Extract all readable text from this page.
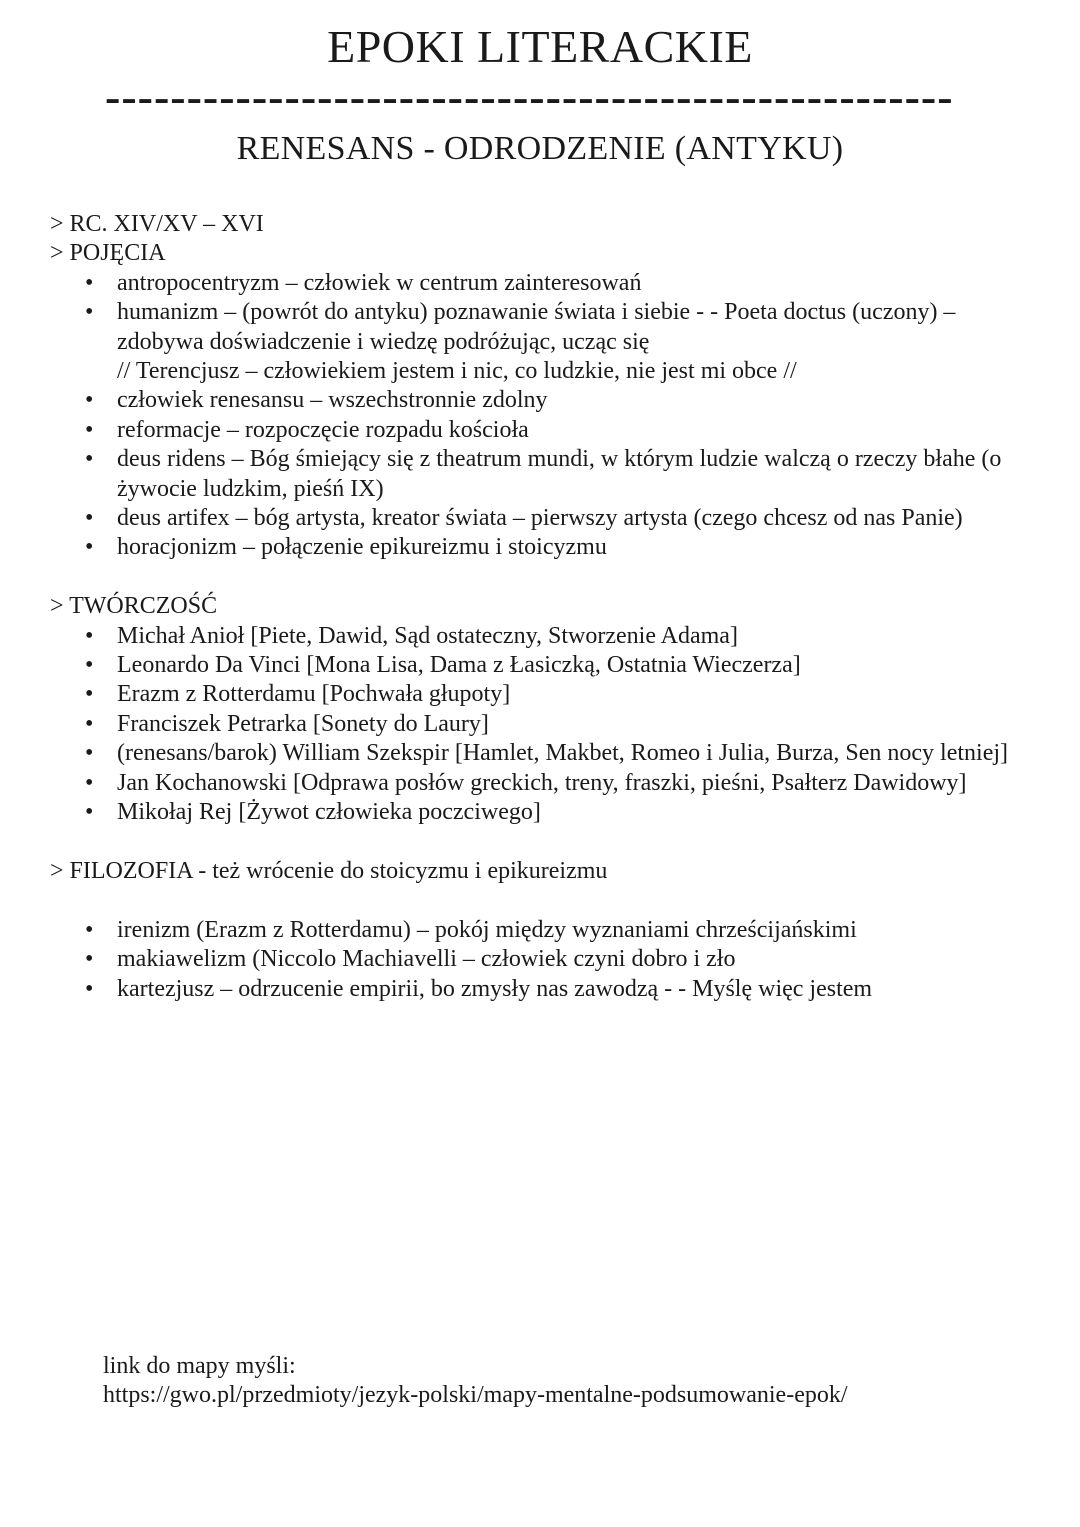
EPOKI LITERACKIE
----------------------------------------------------
RENESANS - ODRODZENIE (ANTYKU)

> RC. XIV/XV – XVI

> POJĘCIA

• antropocentryzm – człowiek w centrum zainteresowań
• humanizm – (powrót do antyku) poznawanie świata i siebie - - Poeta doctus (uczony) – zdobywa doświadczenie i wiedzę podróżując, ucząc się
// Terencjusz – człowiekiem jestem i nic, co ludzkie, nie jest mi obce //
• człowiek renesansu – wszechstronnie zdolny
• reformacje – rozpoczęcie rozpadu kościoła
• deus ridens – Bóg śmiejący się z theatrum mundi, w którym ludzie walczą o rzeczy błahe (o żywocie ludzkim, pieśń IX)
• deus artifex – bóg artysta, kreator świata – pierwszy artysta (czego chcesz od nas Panie)
• horacjonizm – połączenie epikureizmu i stoicyzmu

> TWÓRCZOŚĆ

• Michał Anioł [Piete, Dawid, Sąd ostateczny, Stworzenie Adama]
• Leonardo Da Vinci [Mona Lisa, Dama z Łasiczką, Ostatnia Wieczerza]
• Erazm z Rotterdamu [Pochwała głupoty]
• Franciszek Petrarka [Sonety do Laury]
• (renesans/barok) William Szekspir [Hamlet, Makbet, Romeo i Julia, Burza, Sen nocy letniej]
• Jan Kochanowski [Odprawa posłów greckich, treny, fraszki, pieśni, Psałterz Dawidowy]
• Mikołaj Rej [Żywot człowieka poczciwego]

> FILOZOFIA - też wrócenie do stoicyzmu i epikureizmu

• irenizm (Erazm z Rotterdamu) – pokój między wyznaniami chrześcijańskimi
• makiawelizm (Niccolo Machiavelli – człowiek czyni dobro i zło
• kartezjusz – odrzucenie empirii, bo zmysły nas zawodzą - - Myślę więc jestem
link do mapy myśli:
https://gwo.pl/przedmioty/jezyk-polski/mapy-mentalne-podsumowanie-epok/
